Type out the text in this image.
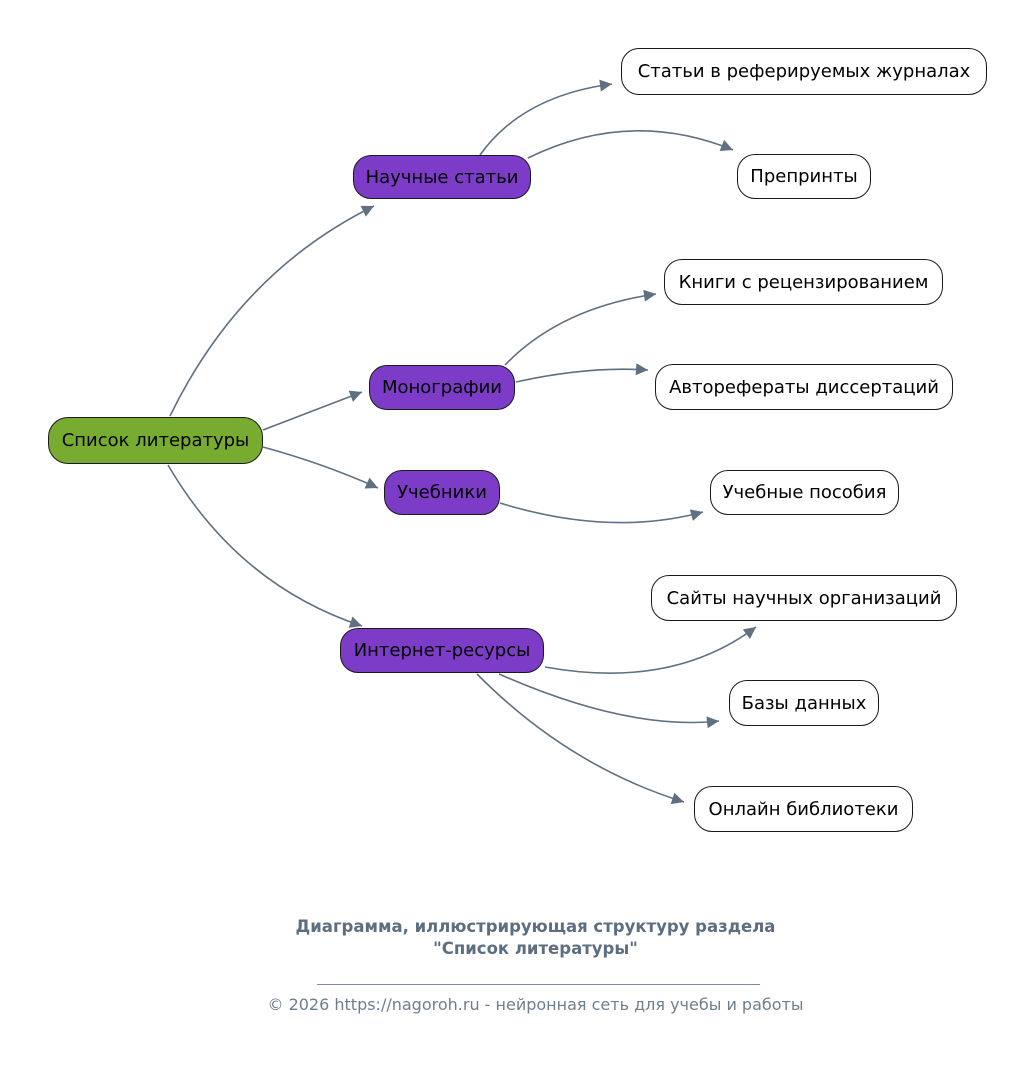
Список литературы
Научные статьи
Монографии
Учебники
Интернет-ресурсы
Статьи в реферируемых журналах
Препринты
Книги с рецензированием
Авторефераты диссертаций
Учебные пособия
Сайты научных организаций
Базы данных
Онлайн библиотеки
Диаграмма, иллюстрирующая структуру раздела
"Список литературы"
© 2026 https://nagoroh.ru - нейронная сеть для учебы и работы
